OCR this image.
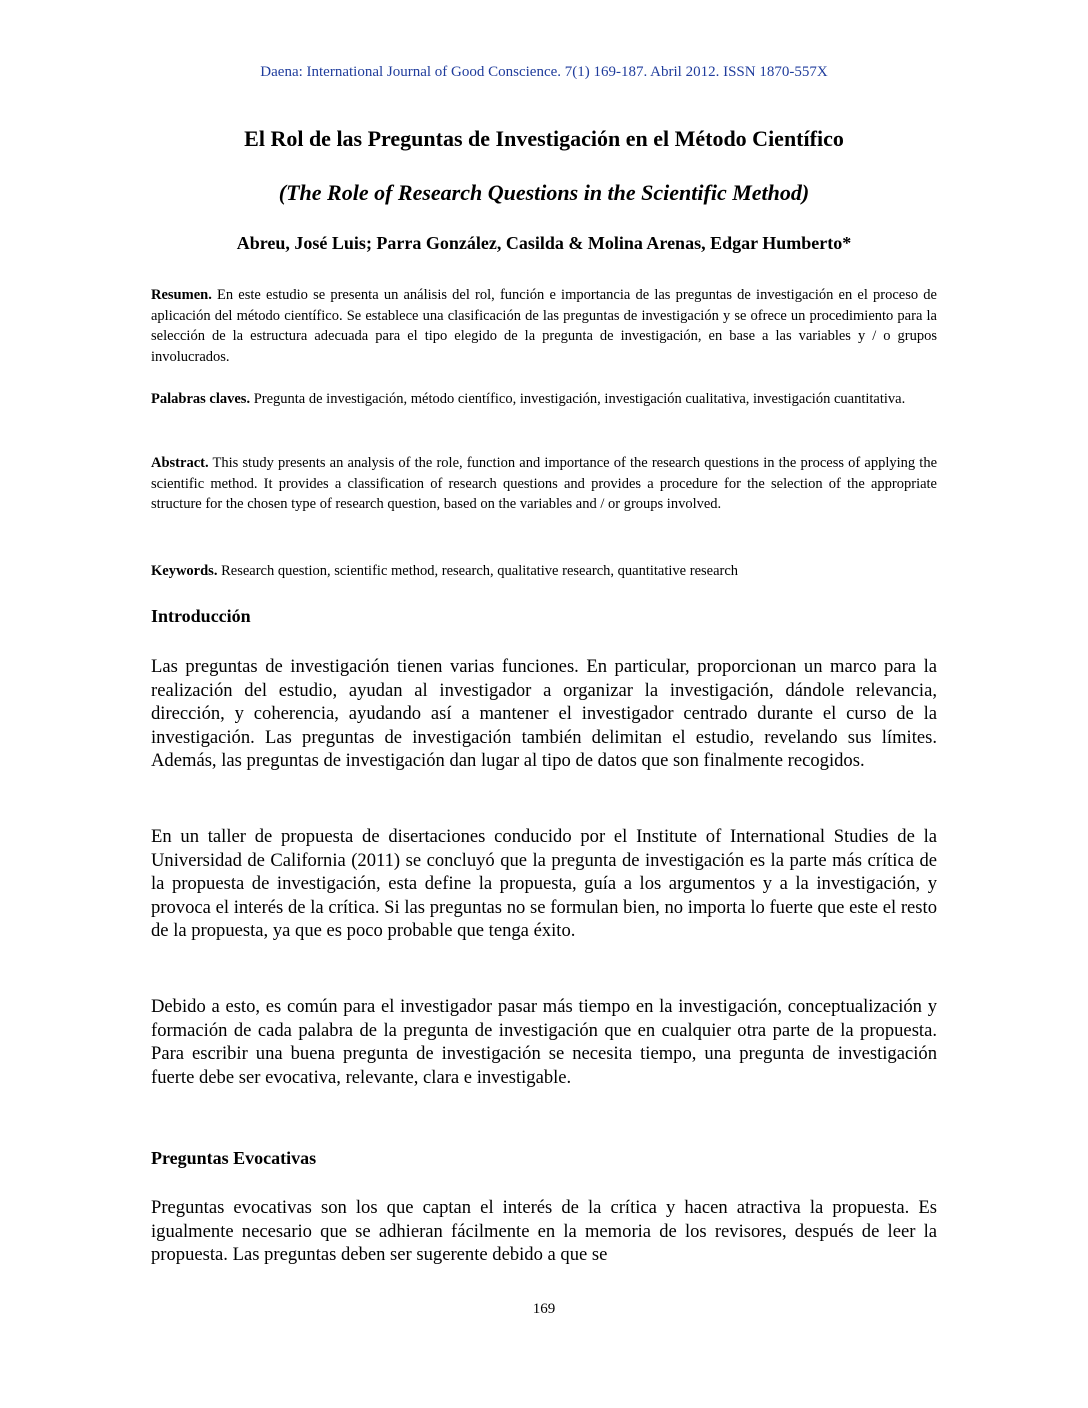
Daena: International Journal of Good Conscience. 7(1) 169-187. Abril 2012. ISSN 1870-557X
El Rol de las Preguntas de Investigación en el Método Científico
(The Role of Research Questions in the Scientific Method)
Abreu, José Luis; Parra González, Casilda & Molina Arenas, Edgar Humberto*
Resumen. En este estudio se presenta un análisis del rol, función e importancia de las preguntas de investigación en el proceso de aplicación del método científico. Se establece una clasificación de las preguntas de investigación y se ofrece un procedimiento para la selección de la estructura adecuada para el tipo elegido de la pregunta de investigación, en base a las variables y / o grupos involucrados.
Palabras claves. Pregunta de investigación, método científico, investigación, investigación cualitativa, investigación cuantitativa.
Abstract. This study presents an analysis of the role, function and importance of the research questions in the process of applying the scientific method. It provides a classification of research questions and provides a procedure for the selection of the appropriate structure for the chosen type of research question, based on the variables and / or groups involved.
Keywords. Research question, scientific method, research, qualitative research, quantitative research
Introducción
Las preguntas de investigación tienen varias funciones. En particular, proporcionan un marco para la realización del estudio, ayudan al investigador a organizar la investigación, dándole relevancia, dirección, y coherencia, ayudando así a mantener el investigador centrado durante el curso de la investigación. Las preguntas de investigación también delimitan el estudio, revelando sus límites. Además, las preguntas de investigación dan lugar al tipo de datos que son finalmente recogidos.
En un taller de propuesta de disertaciones conducido por el Institute of International Studies de la Universidad de California (2011) se concluyó que la pregunta de investigación es la parte más crítica de la propuesta de investigación, esta define la propuesta, guía a los argumentos y a la investigación, y provoca el interés de la crítica. Si las preguntas no se formulan bien, no importa lo fuerte que este el resto de la propuesta, ya que es poco probable que tenga éxito.
Debido a esto, es común para el investigador pasar más tiempo en la investigación, conceptualización y formación de cada palabra de la pregunta de investigación que en cualquier otra parte de la propuesta. Para escribir una buena pregunta de investigación se necesita tiempo, una pregunta de investigación fuerte debe ser evocativa, relevante, clara e investigable.
Preguntas Evocativas
Preguntas evocativas son los que captan el interés de la crítica y hacen atractiva la propuesta. Es igualmente necesario que se adhieran fácilmente en la memoria de los revisores, después de leer la propuesta. Las preguntas deben ser sugerente debido a que se
169
